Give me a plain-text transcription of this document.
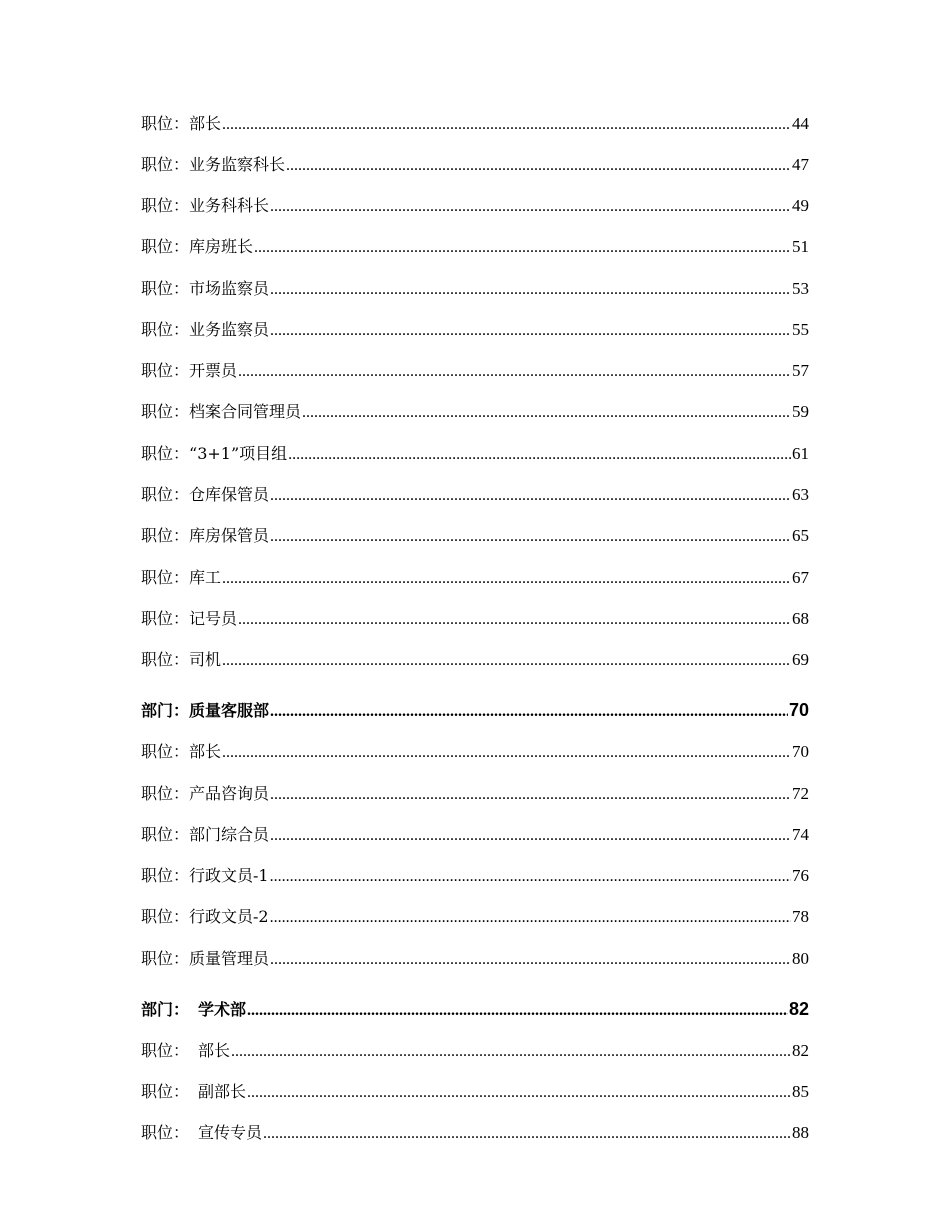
职位：部长 .....	44
职位：业务监察科长 .....	47
职位：业务科科长 .....	49
职位：库房班长 .....	51
职位：市场监察员 .....	53
职位：业务监察员 .....	55
职位：开票员 .....	57
职位：档案合同管理员 .....	59
职位：“3+1”项目组 .....	61
职位：仓库保管员 .....	63
职位：库房保管员 .....	65
职位：库工 .....	67
职位：记号员 .....	68
职位：司机 .....	69
部门：质量客服部 .....	70
职位：部长 .....	70
职位：产品咨询员 .....	72
职位：部门综合员 .....	74
职位：行政文员-1 .....	76
职位：行政文员-2 .....	78
职位：质量管理员 .....	80
部门： 学术部 .....	82
职位： 部长 .....	82
职位： 副部长 .....	85
职位： 宣传专员 .....	88
